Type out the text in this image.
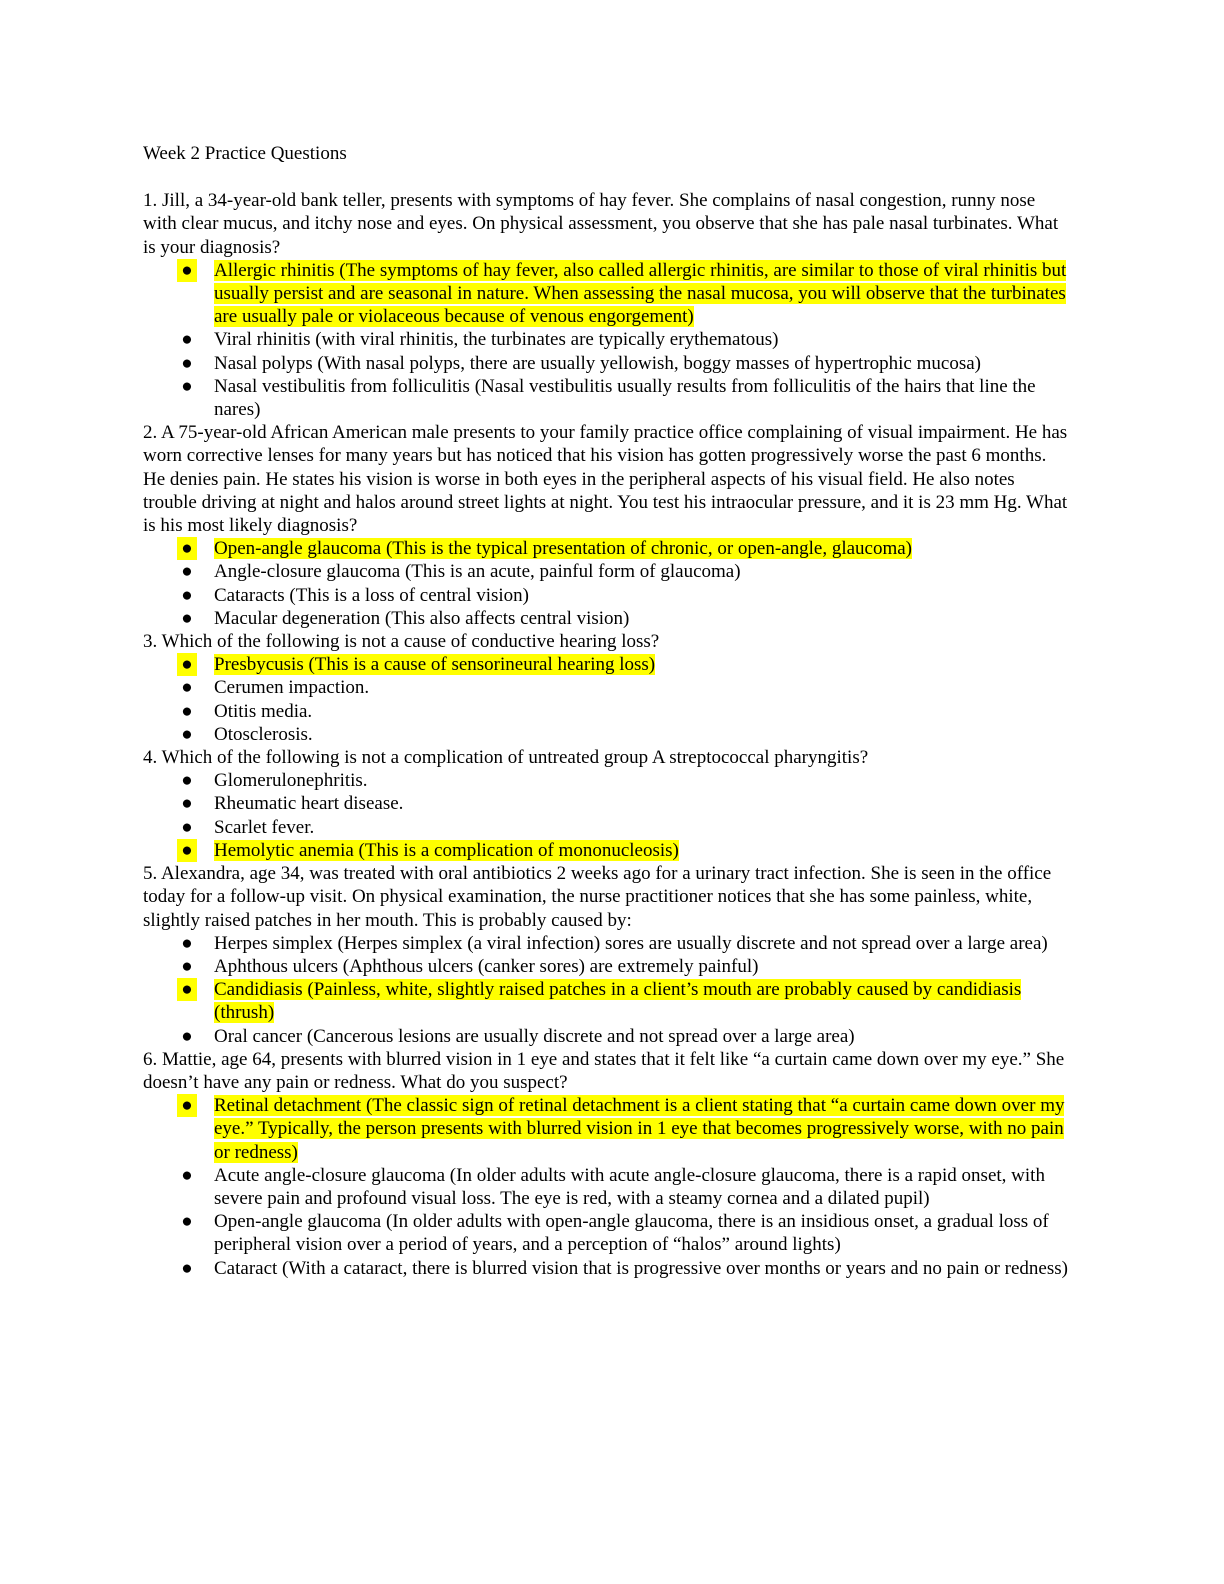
Week 2 Practice Questions

1. Jill, a 34-year-old bank teller, presents with symptoms of hay fever. She complains of nasal congestion, runny nose with clear mucus, and itchy nose and eyes. On physical assessment, you observe that she has pale nasal turbinates. What is your diagnosis?

● Allergic rhinitis (The symptoms of hay fever, also called allergic rhinitis, are similar to those of viral rhinitis but usually persist and are seasonal in nature. When assessing the nasal mucosa, you will observe that the turbinates are usually pale or violaceous because of venous engorgement)
● Viral rhinitis (with viral rhinitis, the turbinates are typically erythematous)
● Nasal polyps (With nasal polyps, there are usually yellowish, boggy masses of hypertrophic mucosa)
● Nasal vestibulitis from folliculitis (Nasal vestibulitis usually results from folliculitis of the hairs that line the nares)

2. A 75-year-old African American male presents to your family practice office complaining of visual impairment. He has worn corrective lenses for many years but has noticed that his vision has gotten progressively worse the past 6 months. He denies pain. He states his vision is worse in both eyes in the peripheral aspects of his visual field. He also notes trouble driving at night and halos around street lights at night. You test his intraocular pressure, and it is 23 mm Hg. What is his most likely diagnosis?

● Open-angle glaucoma (This is the typical presentation of chronic, or open-angle, glaucoma)
● Angle-closure glaucoma (This is an acute, painful form of glaucoma)
● Cataracts (This is a loss of central vision)
● Macular degeneration (This also affects central vision)

3. Which of the following is not a cause of conductive hearing loss?

● Presbycusis (This is a cause of sensorineural hearing loss)
● Cerumen impaction.
● Otitis media.
● Otosclerosis.

4. Which of the following is not a complication of untreated group A streptococcal pharyngitis?

● Glomerulonephritis.
● Rheumatic heart disease.
● Scarlet fever.
● Hemolytic anemia (This is a complication of mononucleosis)

5. Alexandra, age 34, was treated with oral antibiotics 2 weeks ago for a urinary tract infection. She is seen in the office today for a follow-up visit. On physical examination, the nurse practitioner notices that she has some painless, white, slightly raised patches in her mouth. This is probably caused by:

● Herpes simplex (Herpes simplex (a viral infection) sores are usually discrete and not spread over a large area)
● Aphthous ulcers (Aphthous ulcers (canker sores) are extremely painful)
● Candidiasis (Painless, white, slightly raised patches in a client’s mouth are probably caused by candidiasis (thrush)
● Oral cancer (Cancerous lesions are usually discrete and not spread over a large area)

6. Mattie, age 64, presents with blurred vision in 1 eye and states that it felt like “a curtain came down over my eye.” She doesn’t have any pain or redness. What do you suspect?

● Retinal detachment (The classic sign of retinal detachment is a client stating that “a curtain came down over my eye.” Typically, the person presents with blurred vision in 1 eye that becomes progressively worse, with no pain or redness)
● Acute angle-closure glaucoma (In older adults with acute angle-closure glaucoma, there is a rapid onset, with severe pain and profound visual loss. The eye is red, with a steamy cornea and a dilated pupil)
● Open-angle glaucoma (In older adults with open-angle glaucoma, there is an insidious onset, a gradual loss of peripheral vision over a period of years, and a perception of “halos” around lights)
● Cataract (With a cataract, there is blurred vision that is progressive over months or years and no pain or redness)
